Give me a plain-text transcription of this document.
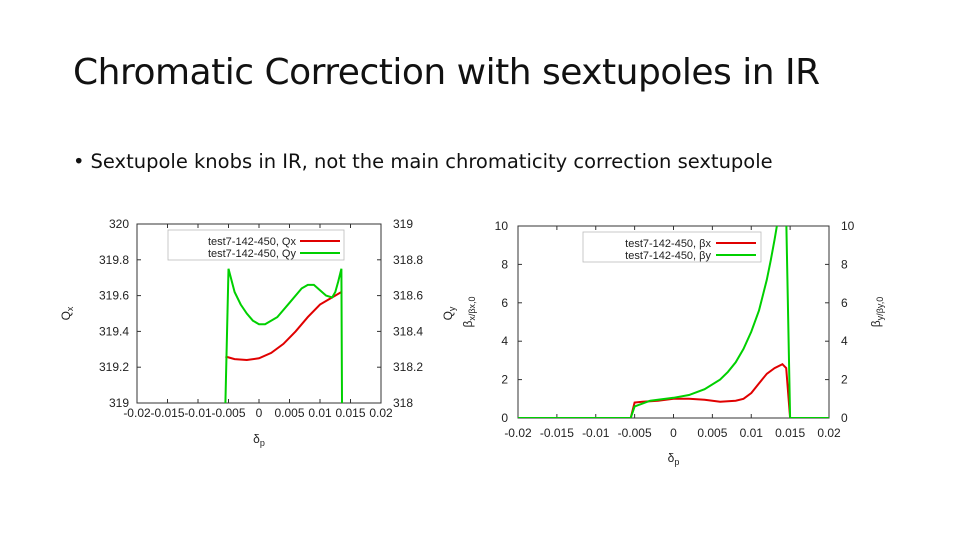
Chromatic Correction with sextupoles in IR
• Sextupole knobs in IR, not the main chromaticity correction sextupole
-0.02 -0.015 -0.01 -0.005 0 0.005 0.01 0.015 0.02
319
319.2
319.4
319.6
319.8
320
318
318.2
318.4
318.6
318.8
319
$\delta_p$
$Q_x$
$Q_y$
test7-142-450, Qx
test7-142-450, Qy
-0.02 -0.015 -0.01 -0.005 0 0.005 0.01 0.015 0.02
0	0
2	2
4	4
6	6
8	8
10	10
$\delta_p$
$\beta_{x/\beta x,0}$
$\beta_{y/\beta y,0}$
test7-142-450, βx
test7-142-450, βy
